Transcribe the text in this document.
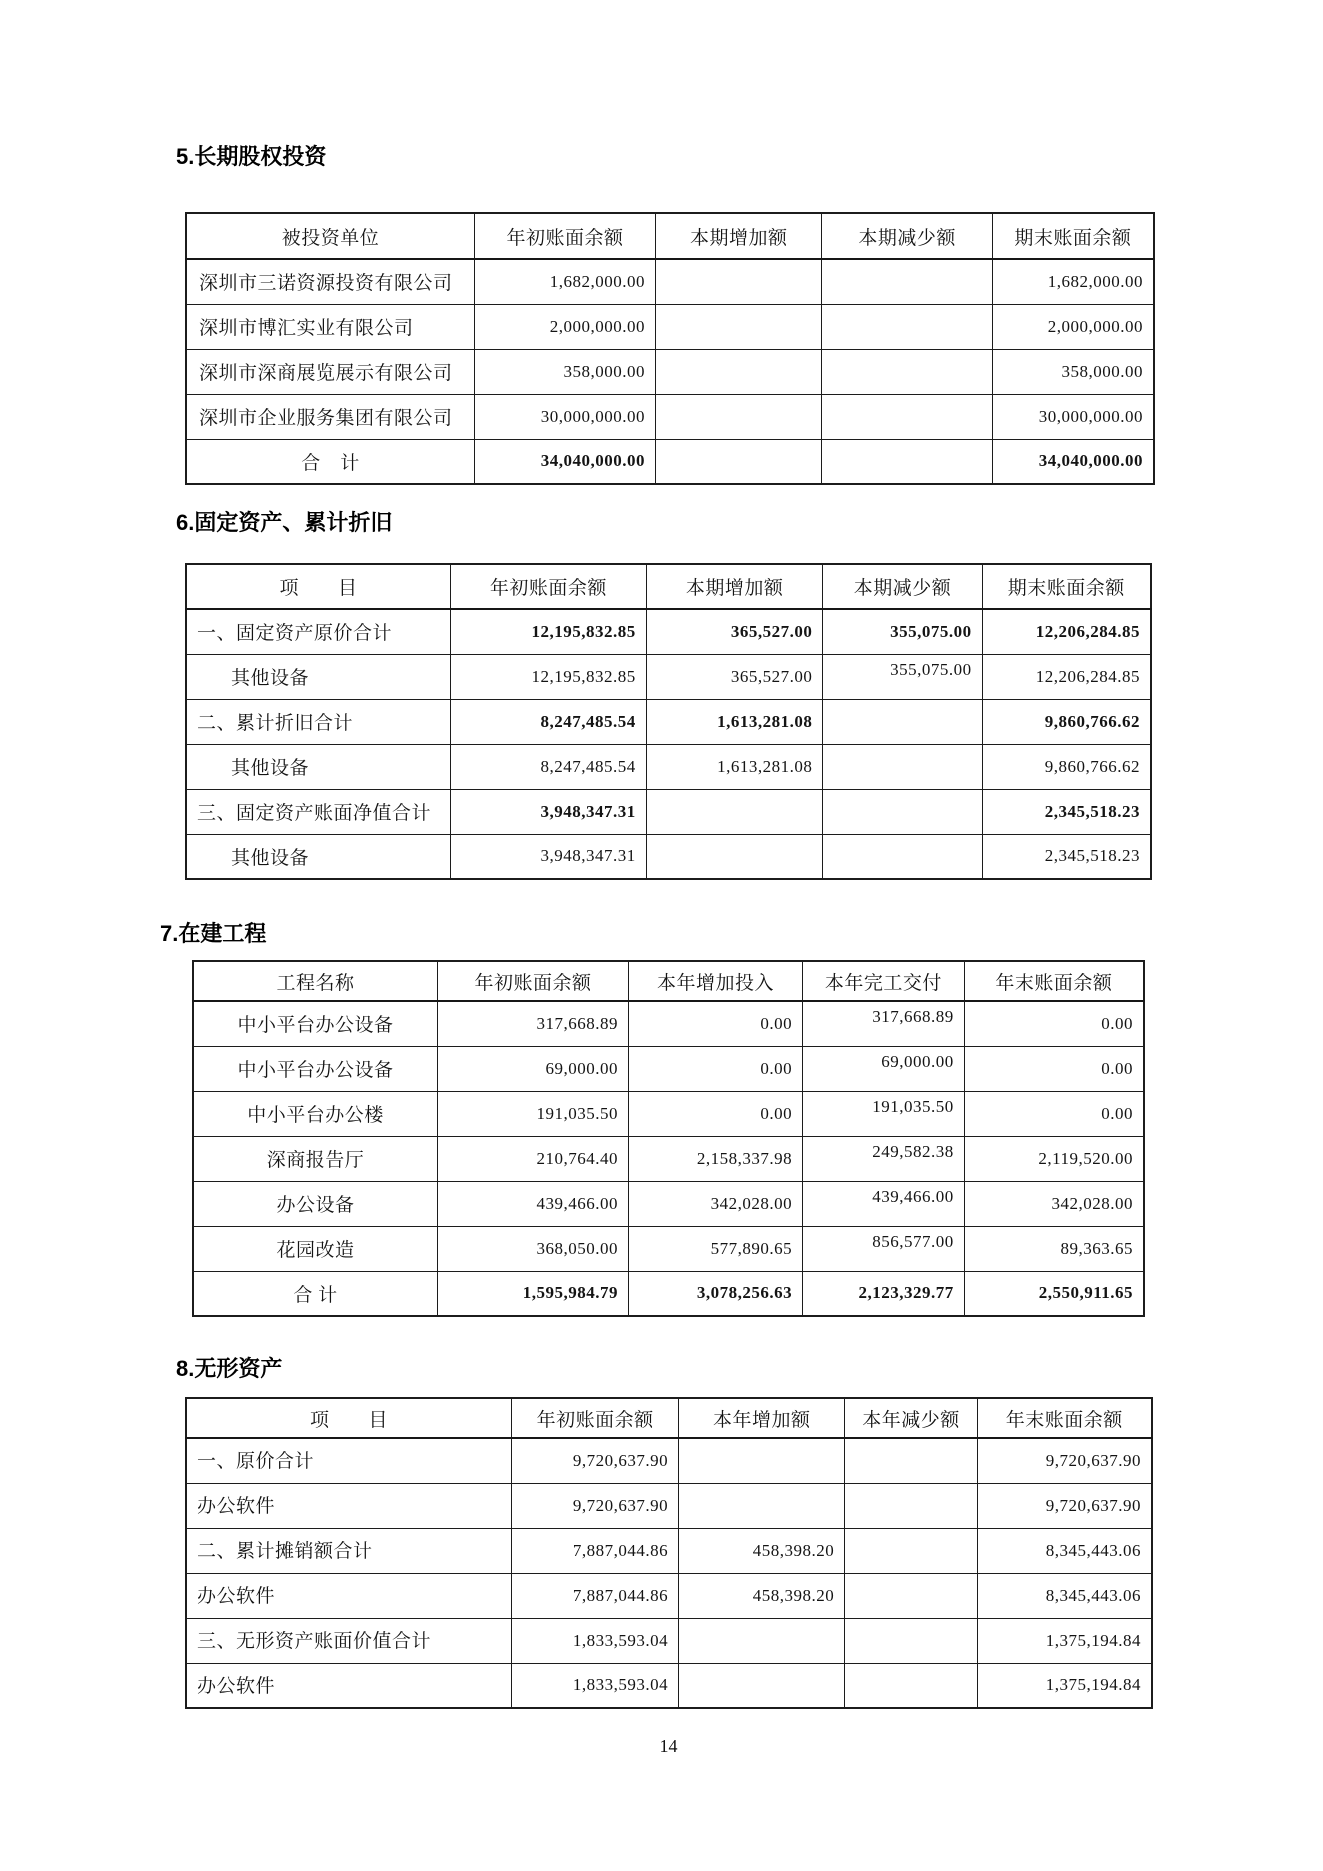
14
5.长期股权投资
被投资单位	年初账面余额	本期增加额	本期减少额	期末账面余额
深圳市三诺资源投资有限公司	1,682,000.00			1,682,000.00
深圳市博汇实业有限公司	2,000,000.00			2,000,000.00
深圳市深商展览展示有限公司	358,000.00			358,000.00
深圳市企业服务集团有限公司	30,000,000.00			30,000,000.00
合　计	34,040,000.00			34,040,000.00
6.固定资产、累计折旧
项　　目	年初账面余额	本期增加额	本期减少额	期末账面余额
一、固定资产原价合计	12,195,832.85	365,527.00	355,075.00	12,206,284.85
其他设备	12,195,832.85	365,527.00	355,075.00	12,206,284.85
二、累计折旧合计	8,247,485.54	1,613,281.08		9,860,766.62
其他设备	8,247,485.54	1,613,281.08		9,860,766.62
三、固定资产账面净值合计	3,948,347.31			2,345,518.23
其他设备	3,948,347.31			2,345,518.23
7.在建工程
工程名称	年初账面余额	本年增加投入	本年完工交付	年末账面余额
中小平台办公设备	317,668.89	0.00	317,668.89	0.00
中小平台办公设备	69,000.00	0.00	69,000.00	0.00
中小平台办公楼	191,035.50	0.00	191,035.50	0.00
深商报告厅	210,764.40	2,158,337.98	249,582.38	2,119,520.00
办公设备	439,466.00	342,028.00	439,466.00	342,028.00
花园改造	368,050.00	577,890.65	856,577.00	89,363.65
合 计	1,595,984.79	3,078,256.63	2,123,329.77	2,550,911.65
8.无形资产
项　　目	年初账面余额	本年增加额	本年减少额	年末账面余额
一、原价合计	9,720,637.90			9,720,637.90
办公软件	9,720,637.90			9,720,637.90
二、累计摊销额合计	7,887,044.86	458,398.20		8,345,443.06
办公软件	7,887,044.86	458,398.20		8,345,443.06
三、无形资产账面价值合计	1,833,593.04			1,375,194.84
办公软件	1,833,593.04			1,375,194.84
